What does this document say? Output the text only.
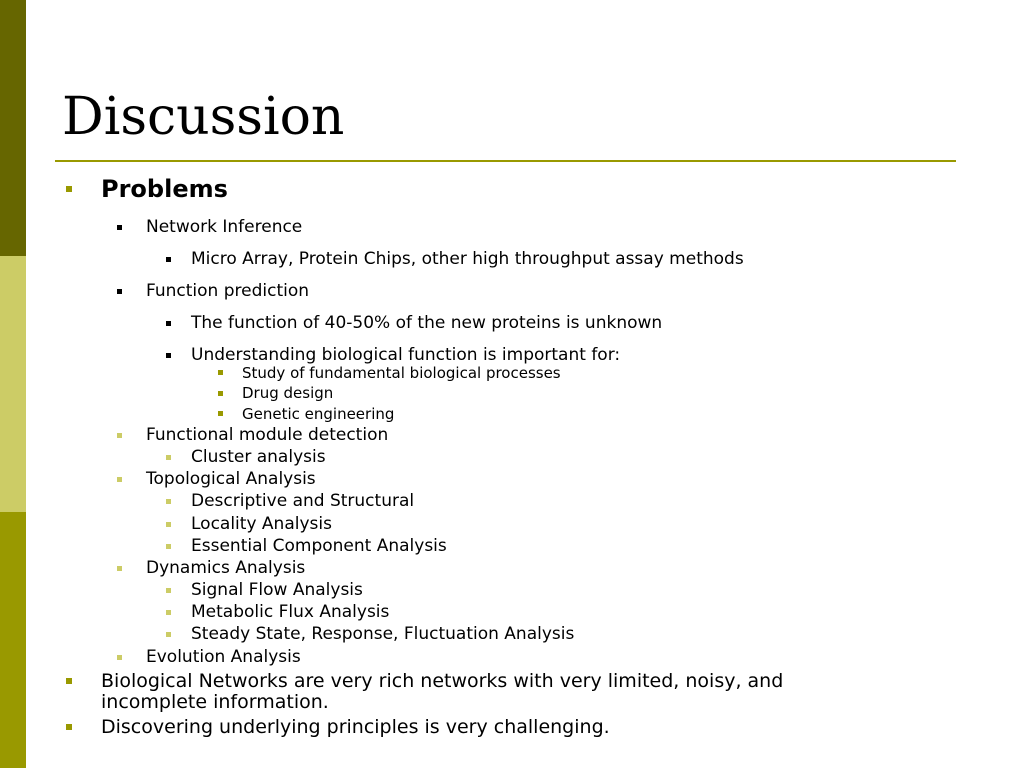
Discussion
Problems
Network Inference
Micro Array, Protein Chips, other high throughput assay methods
Function prediction
The function of 40-50% of the new proteins is unknown
Understanding biological function is important for:
Study of fundamental biological processes
Drug design
Genetic engineering
Functional module detection
Cluster analysis
Topological Analysis
Descriptive and Structural
Locality Analysis
Essential Component Analysis
Dynamics Analysis
Signal Flow Analysis
Metabolic Flux Analysis
Steady State, Response, Fluctuation Analysis
Evolution Analysis
Biological Networks are very rich networks with very limited, noisy, and
incomplete information.
Discovering underlying principles is very challenging.
